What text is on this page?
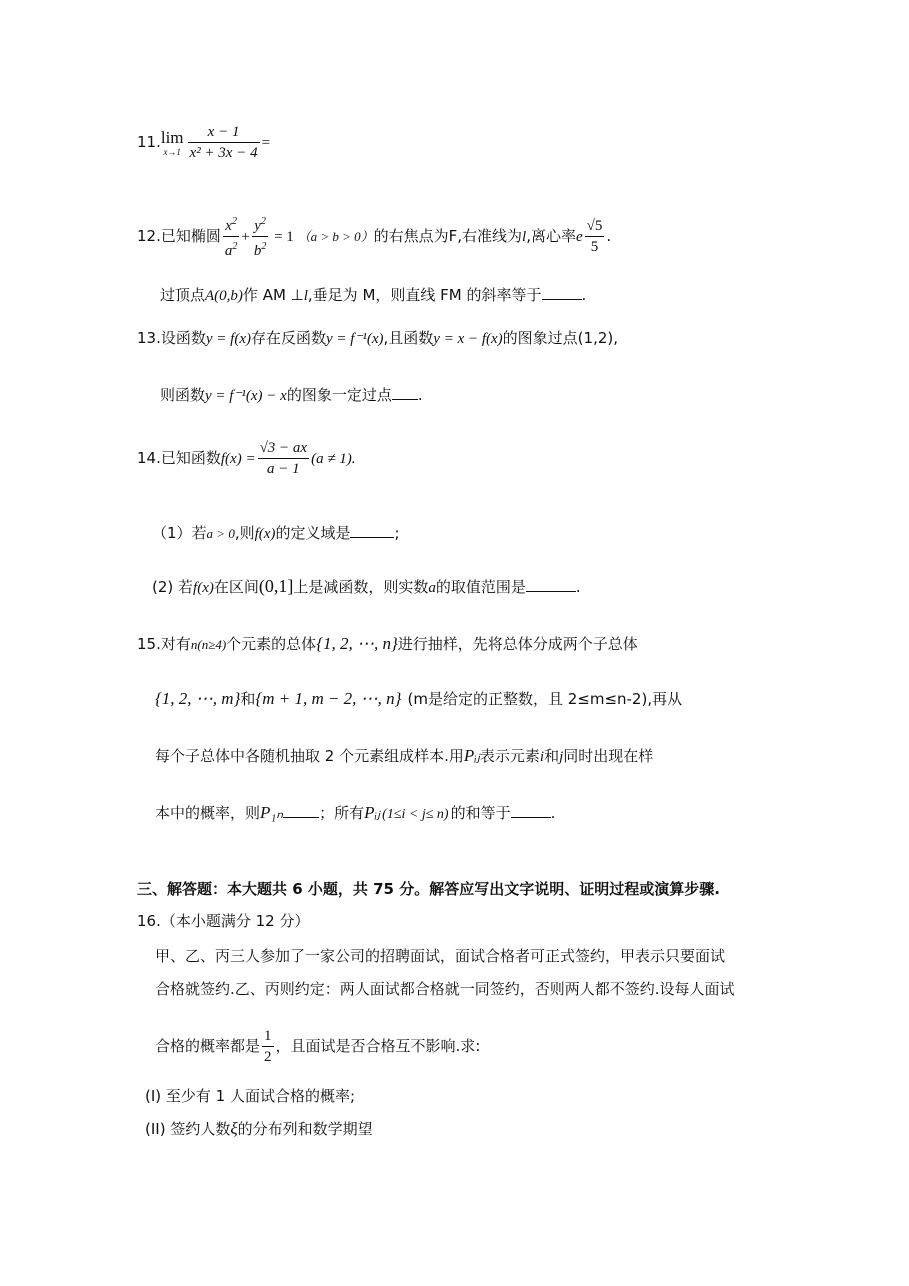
11. lim
$x\to 1 \frac{x - 1}{\text{x² + 3x − 4}}$ =
12.已知椭圆 $\frac{x^2}{a^2} + \frac{y^2}{b^2} = 1$ （a > b > 0）的右焦点为F,右准线为l,离心率e $\frac{√5}{5}$ .
过顶点A(0,b)作 AM ⊥l,垂足为 M，则直线 FM 的斜率等于	.
13.设函数y = f(x)存在反函数y = f⁻¹(x),且函数y = x − f(x)的图象过点(1,2),
则函数y = f⁻¹(x) − x的图象一定过点 .
14.已知函数$f(x) = \frac{√3 - ax}{a - 1} (a \ne 1)$.
（1）若a > 0,则f(x)的定义域是	;
(2) 若f(x)在区间(0,1]上是减函数，则实数a的取值范围是	.
15.对有n(n≥4)个元素的总体{1, 2, ⋯, n}进行抽样，先将总体分成两个子总体
{1, 2, ⋯, m}和{m + 1, m − 2, ⋯, n} (m是给定的正整数，且 2≤m≤n-2),再从
每个子总体中各随机抽取 2 个元素组成样本.用Pᵢⱼ表示元素i和j同时出现在样
本中的概率，则P₁ₙ ；所有Pᵢⱼ (1≤i < j≤ n) 的和等于	.
三、解答题：本大题共 6 小题，共 75 分。解答应写出文字说明、证明过程或演算步骤.
16.（本小题满分 12 分）
甲、乙、丙三人参加了一家公司的招聘面试，面试合格者可正式签约，甲表示只要面试
合格就签约.乙、丙则约定：两人面试都合格就一同签约，否则两人都不签约.设每人面试
合格的概率都是 $\frac{1}{2}$ ，且面试是否合格互不影响.求:
(I) 至少有 1 人面试合格的概率;
(II) 签约人数ξ的分布列和数学期望
